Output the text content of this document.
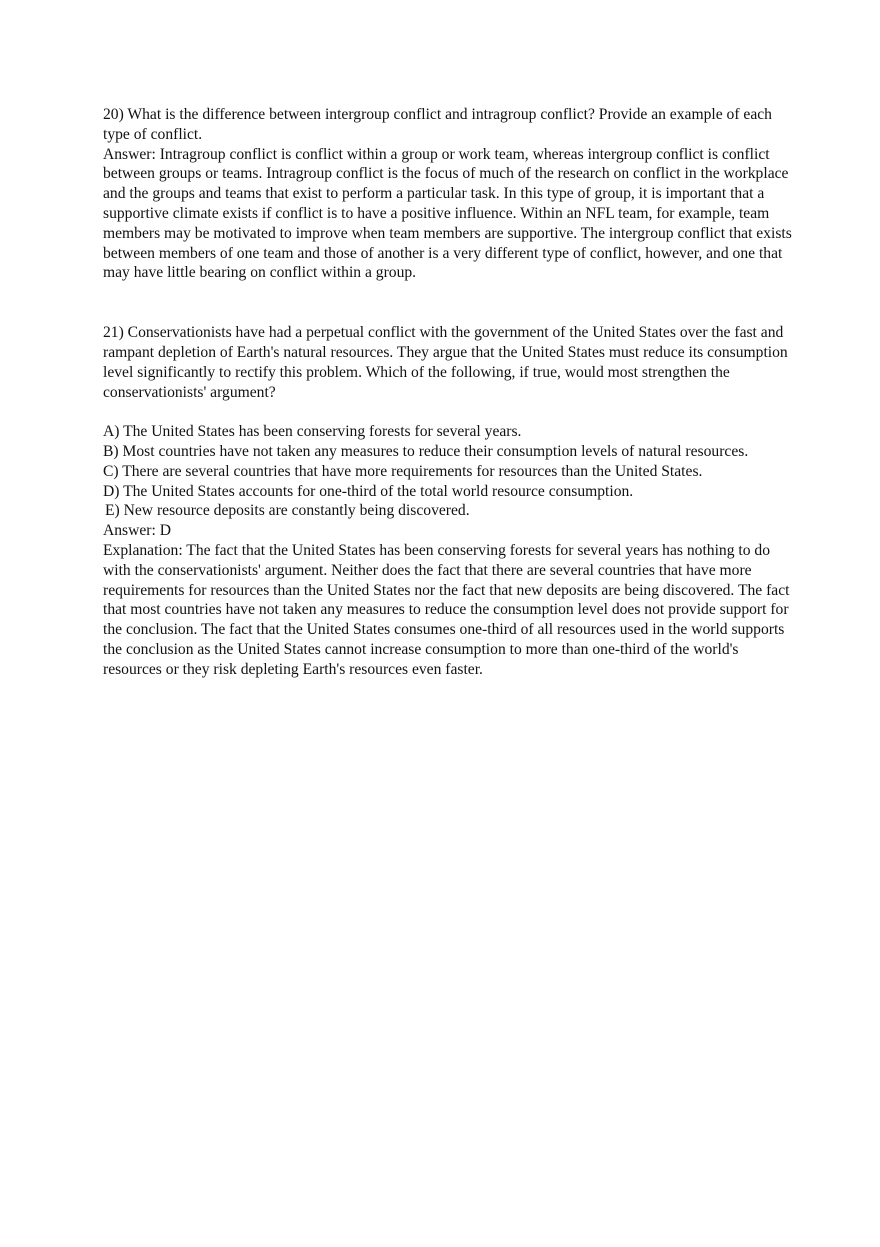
20) What is the difference between intergroup conflict and intragroup conflict? Provide an example of each type of conflict.

Answer: Intragroup conflict is conflict within a group or work team, whereas intergroup conflict is conflict between groups or teams. Intragroup conflict is the focus of much of the research on conflict in the workplace and the groups and teams that exist to perform a particular task. In this type of group, it is important that a supportive climate exists if conflict is to have a positive influence. Within an NFL team, for example, team members may be motivated to improve when team members are supportive. The intergroup conflict that exists between members of one team and those of another is a very different type of conflict, however, and one that may have little bearing on conflict within a group.

21) Conservationists have had a perpetual conflict with the government of the United States over the fast and rampant depletion of Earth's natural resources. They argue that the United States must reduce its consumption level significantly to rectify this problem. Which of the following, if true, would most strengthen the conservationists' argument?

A) The United States has been conserving forests for several years.

B) Most countries have not taken any measures to reduce their consumption levels of natural resources.

C) There are several countries that have more requirements for resources than the United States.

D) The United States accounts for one-third of the total world resource consumption.

E) New resource deposits are constantly being discovered.

Answer: D

Explanation: The fact that the United States has been conserving forests for several years has nothing to do with the conservationists' argument. Neither does the fact that there are several countries that have more requirements for resources than the United States nor the fact that new deposits are being discovered. The fact that most countries have not taken any measures to reduce the consumption level does not provide support for the conclusion. The fact that the United States consumes one-third of all resources used in the world supports the conclusion as the United States cannot increase consumption to more than one-third of the world's resources or they risk depleting Earth's resources even faster.
